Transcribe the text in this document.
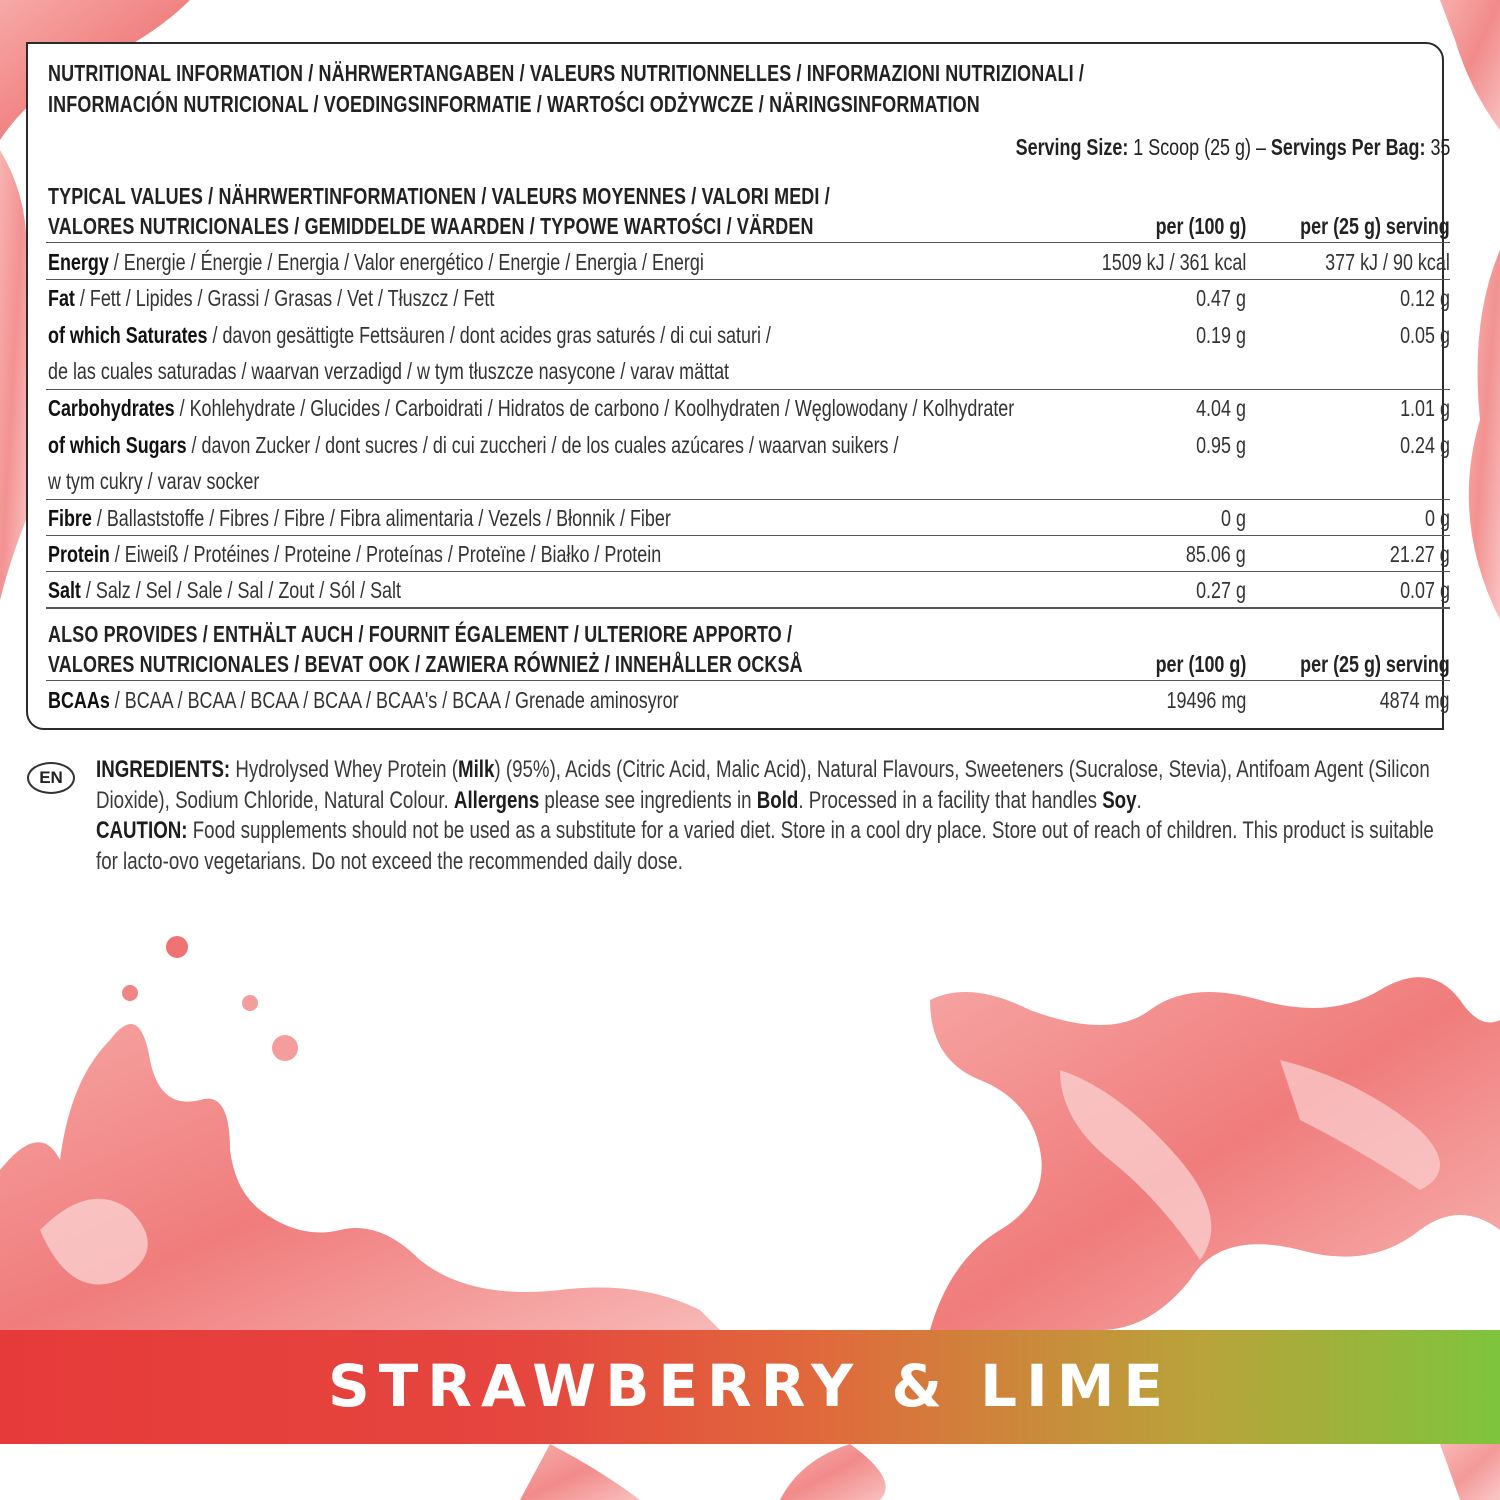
NUTRITIONAL INFORMATION / NÄHRWERTANGABEN / VALEURS NUTRITIONNELLES / INFORMAZIONI NUTRIZIONALI /
INFORMACIÓN NUTRICIONAL / VOEDINGSINFORMATIE / WARTOŚCI ODŻYWCZE / NÄRINGSINFORMATION
Serving Size: 1 Scoop (25 g) – Servings Per Bag: 35
TYPICAL VALUES / NÄHRWERTINFORMATIONEN / VALEURS MOYENNES / VALORI MEDI /
VALORES NUTRICIONALES / GEMIDDELDE WAARDEN / TYPOWE WARTOŚCI / VÄRDEN	per (100 g) per (25 g) serving
Energy / Energie / Énergie / Energia / Valor energético / Energie / Energia / Energi	1509 kJ / 361 kcal	377 kJ / 90 kcal
Fat / Fett / Lipides / Grassi / Grasas / Vet / Tłuszcz / Fett	0.47 g	0.12 g
of which Saturates / davon gesättigte Fettsäuren / dont acides gras saturés / di cui saturi /
de las cuales saturadas / waarvan verzadigd / w tym tłuszcze nasycone / varav mättat
0.19 g	0.05 g
Carbohydrates / Kohlehydrate / Glucides / Carboidrati / Hidratos de carbono / Koolhydraten / Węglowodany / Kolhydrater	4.04 g	1.01 g
of which Sugars / davon Zucker / dont sucres / di cui zuccheri / de los cuales azúcares / waarvan suikers /
w tym cukry / varav socker
0.95 g	0.24 g
Fibre / Ballaststoffe / Fibres / Fibre / Fibra alimentaria / Vezels / Błonnik / Fiber	0 g	0 g
Protein / Eiweiß / Protéines / Proteine / Proteínas / Proteïne / Białko / Protein	85.06 g	21.27 g
Salt / Salz / Sel / Sale / Sal / Zout / Sól / Salt	0.27 g	0.07 g
ALSO PROVIDES / ENTHÄLT AUCH / FOURNIT ÉGALEMENT / ULTERIORE APPORTO /
VALORES NUTRICIONALES / BEVAT OOK / ZAWIERA RÓWNIEŻ / INNEHÅLLER OCKSÅ	per (100 g) per (25 g) serving
BCAAs / BCAA / BCAA / BCAA / BCAA / BCAA's / BCAA / Grenade aminosyror	19496 mg	4874 mg
EN	INGREDIENTS: Hydrolysed Whey Protein (Milk) (95%), Acids (Citric Acid, Malic Acid), Natural Flavours, Sweeteners (Sucralose, Stevia), Antifoam Agent (Silicon Dioxide), Sodium Chloride, Natural Colour. Allergens please see ingredients in Bold. Processed in a facility that handles Soy.
CAUTION: Food supplements should not be used as a substitute for a varied diet. Store in a cool dry place. Store out of reach of children. This product is suitable for lacto-ovo vegetarians. Do not exceed the recommended daily dose.
STRAWBERRY & LIME
